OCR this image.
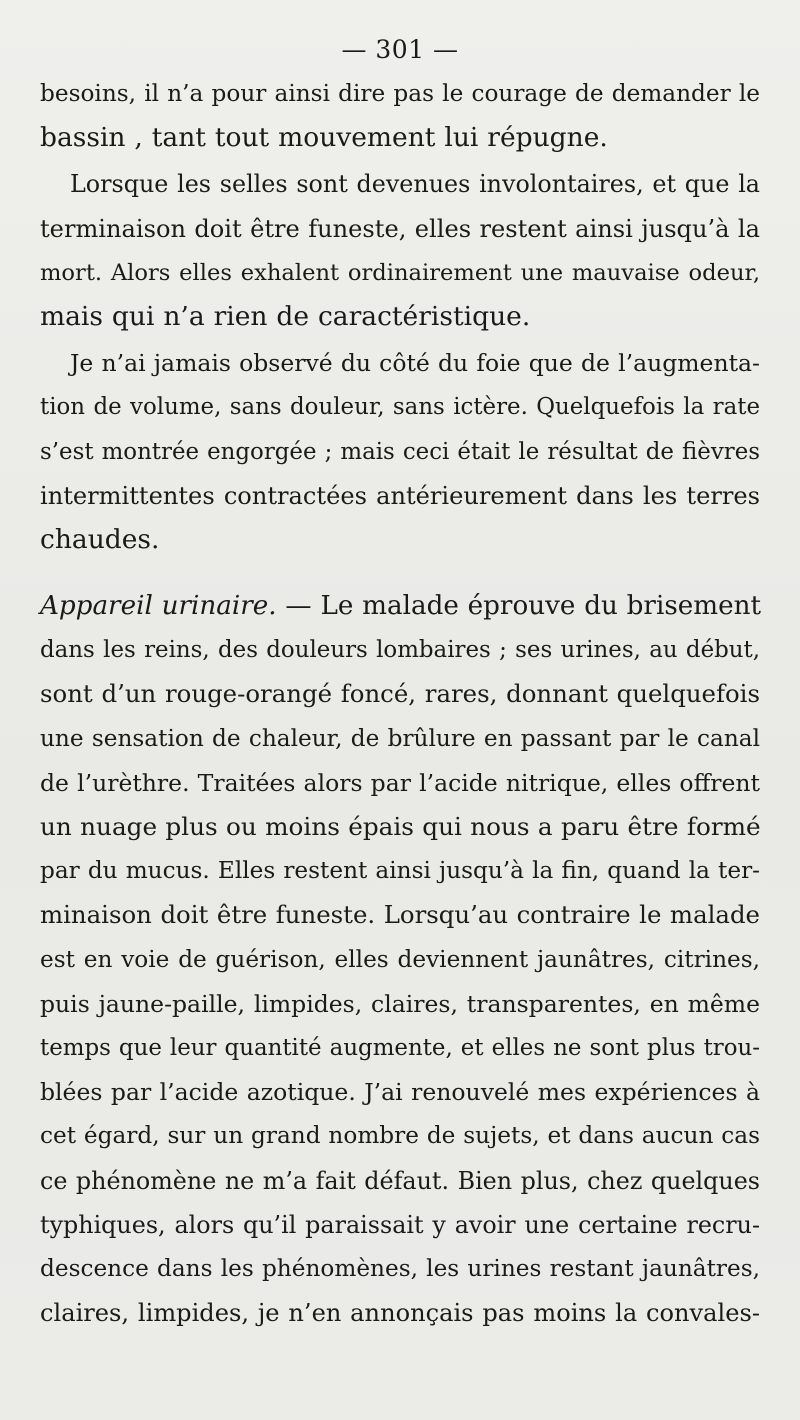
— 301 —
besoins, il n’a pour ainsi dire pas le courage de demander le
bassin , tant tout mouvement lui répugne.
Lorsque les selles sont devenues involontaires, et que la
terminaison doit être funeste, elles restent ainsi jusqu’à la
mort. Alors elles exhalent ordinairement une mauvaise odeur,
mais qui n’a rien de caractéristique.
Je n’ai jamais observé du côté du foie que de l’augmenta-
tion de volume, sans douleur, sans ictère. Quelquefois la rate
s’est montrée engorgée ; mais ceci était le résultat de fièvres
intermittentes contractées antérieurement dans les terres
chaudes.
Appareil urinaire. — Le malade éprouve du brisement
dans les reins, des douleurs lombaires ; ses urines, au début,
sont d’un rouge-orangé foncé, rares, donnant quelquefois
une sensation de chaleur, de brûlure en passant par le canal
de l’urèthre. Traitées alors par l’acide nitrique, elles offrent
un nuage plus ou moins épais qui nous a paru être formé
par du mucus. Elles restent ainsi jusqu’à la fin, quand la ter-
minaison doit être funeste. Lorsqu’au contraire le malade
est en voie de guérison, elles deviennent jaunâtres, citrines,
puis jaune-paille, limpides, claires, transparentes, en même
temps que leur quantité augmente, et elles ne sont plus trou-
blées par l’acide azotique. J’ai renouvelé mes expériences à
cet égard, sur un grand nombre de sujets, et dans aucun cas
ce phénomène ne m’a fait défaut. Bien plus, chez quelques
typhiques, alors qu’il paraissait y avoir une certaine recru-
descence dans les phénomènes, les urines restant jaunâtres,
claires, limpides, je n’en annonçais pas moins la convales-
